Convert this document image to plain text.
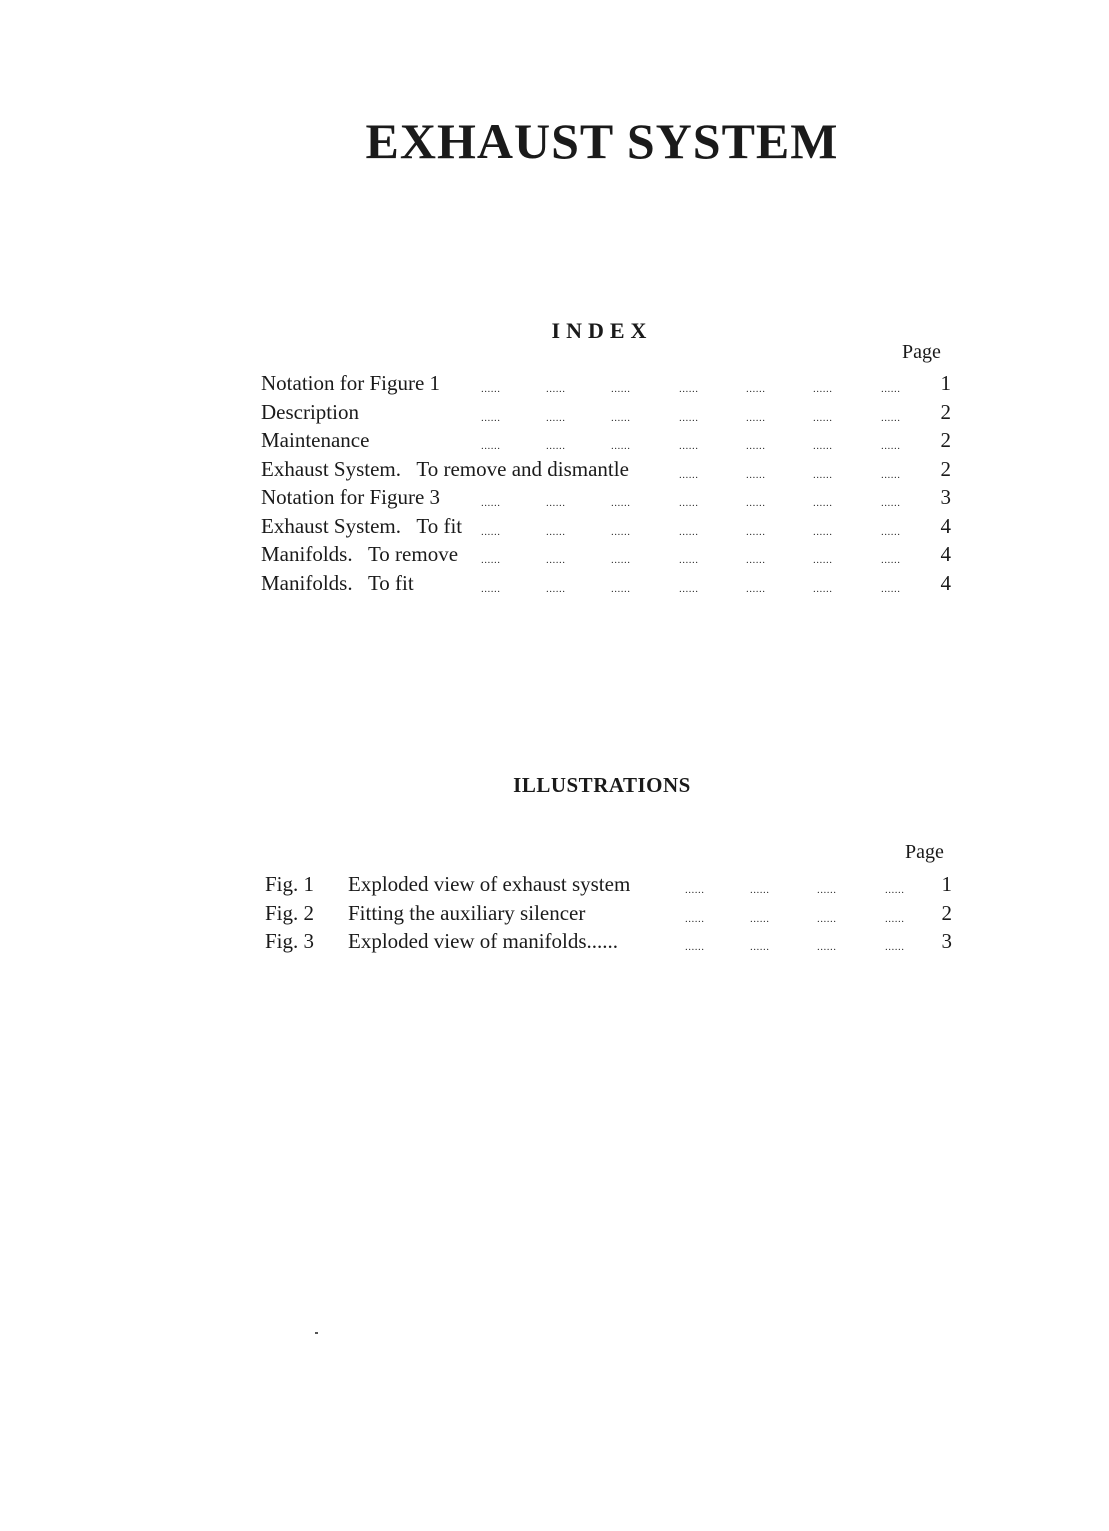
EXHAUST SYSTEM
INDEX
Page
Notation for Figure 1	1
......	......	......	......	......	......	......
Description	2
......	......	......	......	......	......	......
Maintenance	2
......	......	......	......	......	......	......
Exhaust System.   To remove and dismantle	2
......	......	......	......
Notation for Figure 3	3
......	......	......	......	......	......	......
Exhaust System.   To fit	4
......	......	......	......	......	......	......
Manifolds.   To remove	4
......	......	......	......	......	......	......
Manifolds.   To fit	4
......	......	......	......	......	......	......
ILLUSTRATIONS
Page
Fig. 1 Exploded view of exhaust system	1
......	......	......	......
Fig. 2 Fitting the auxiliary silencer	2
......	......	......	......
Fig. 3 Exploded view of manifolds......	3
......	......	......	......
